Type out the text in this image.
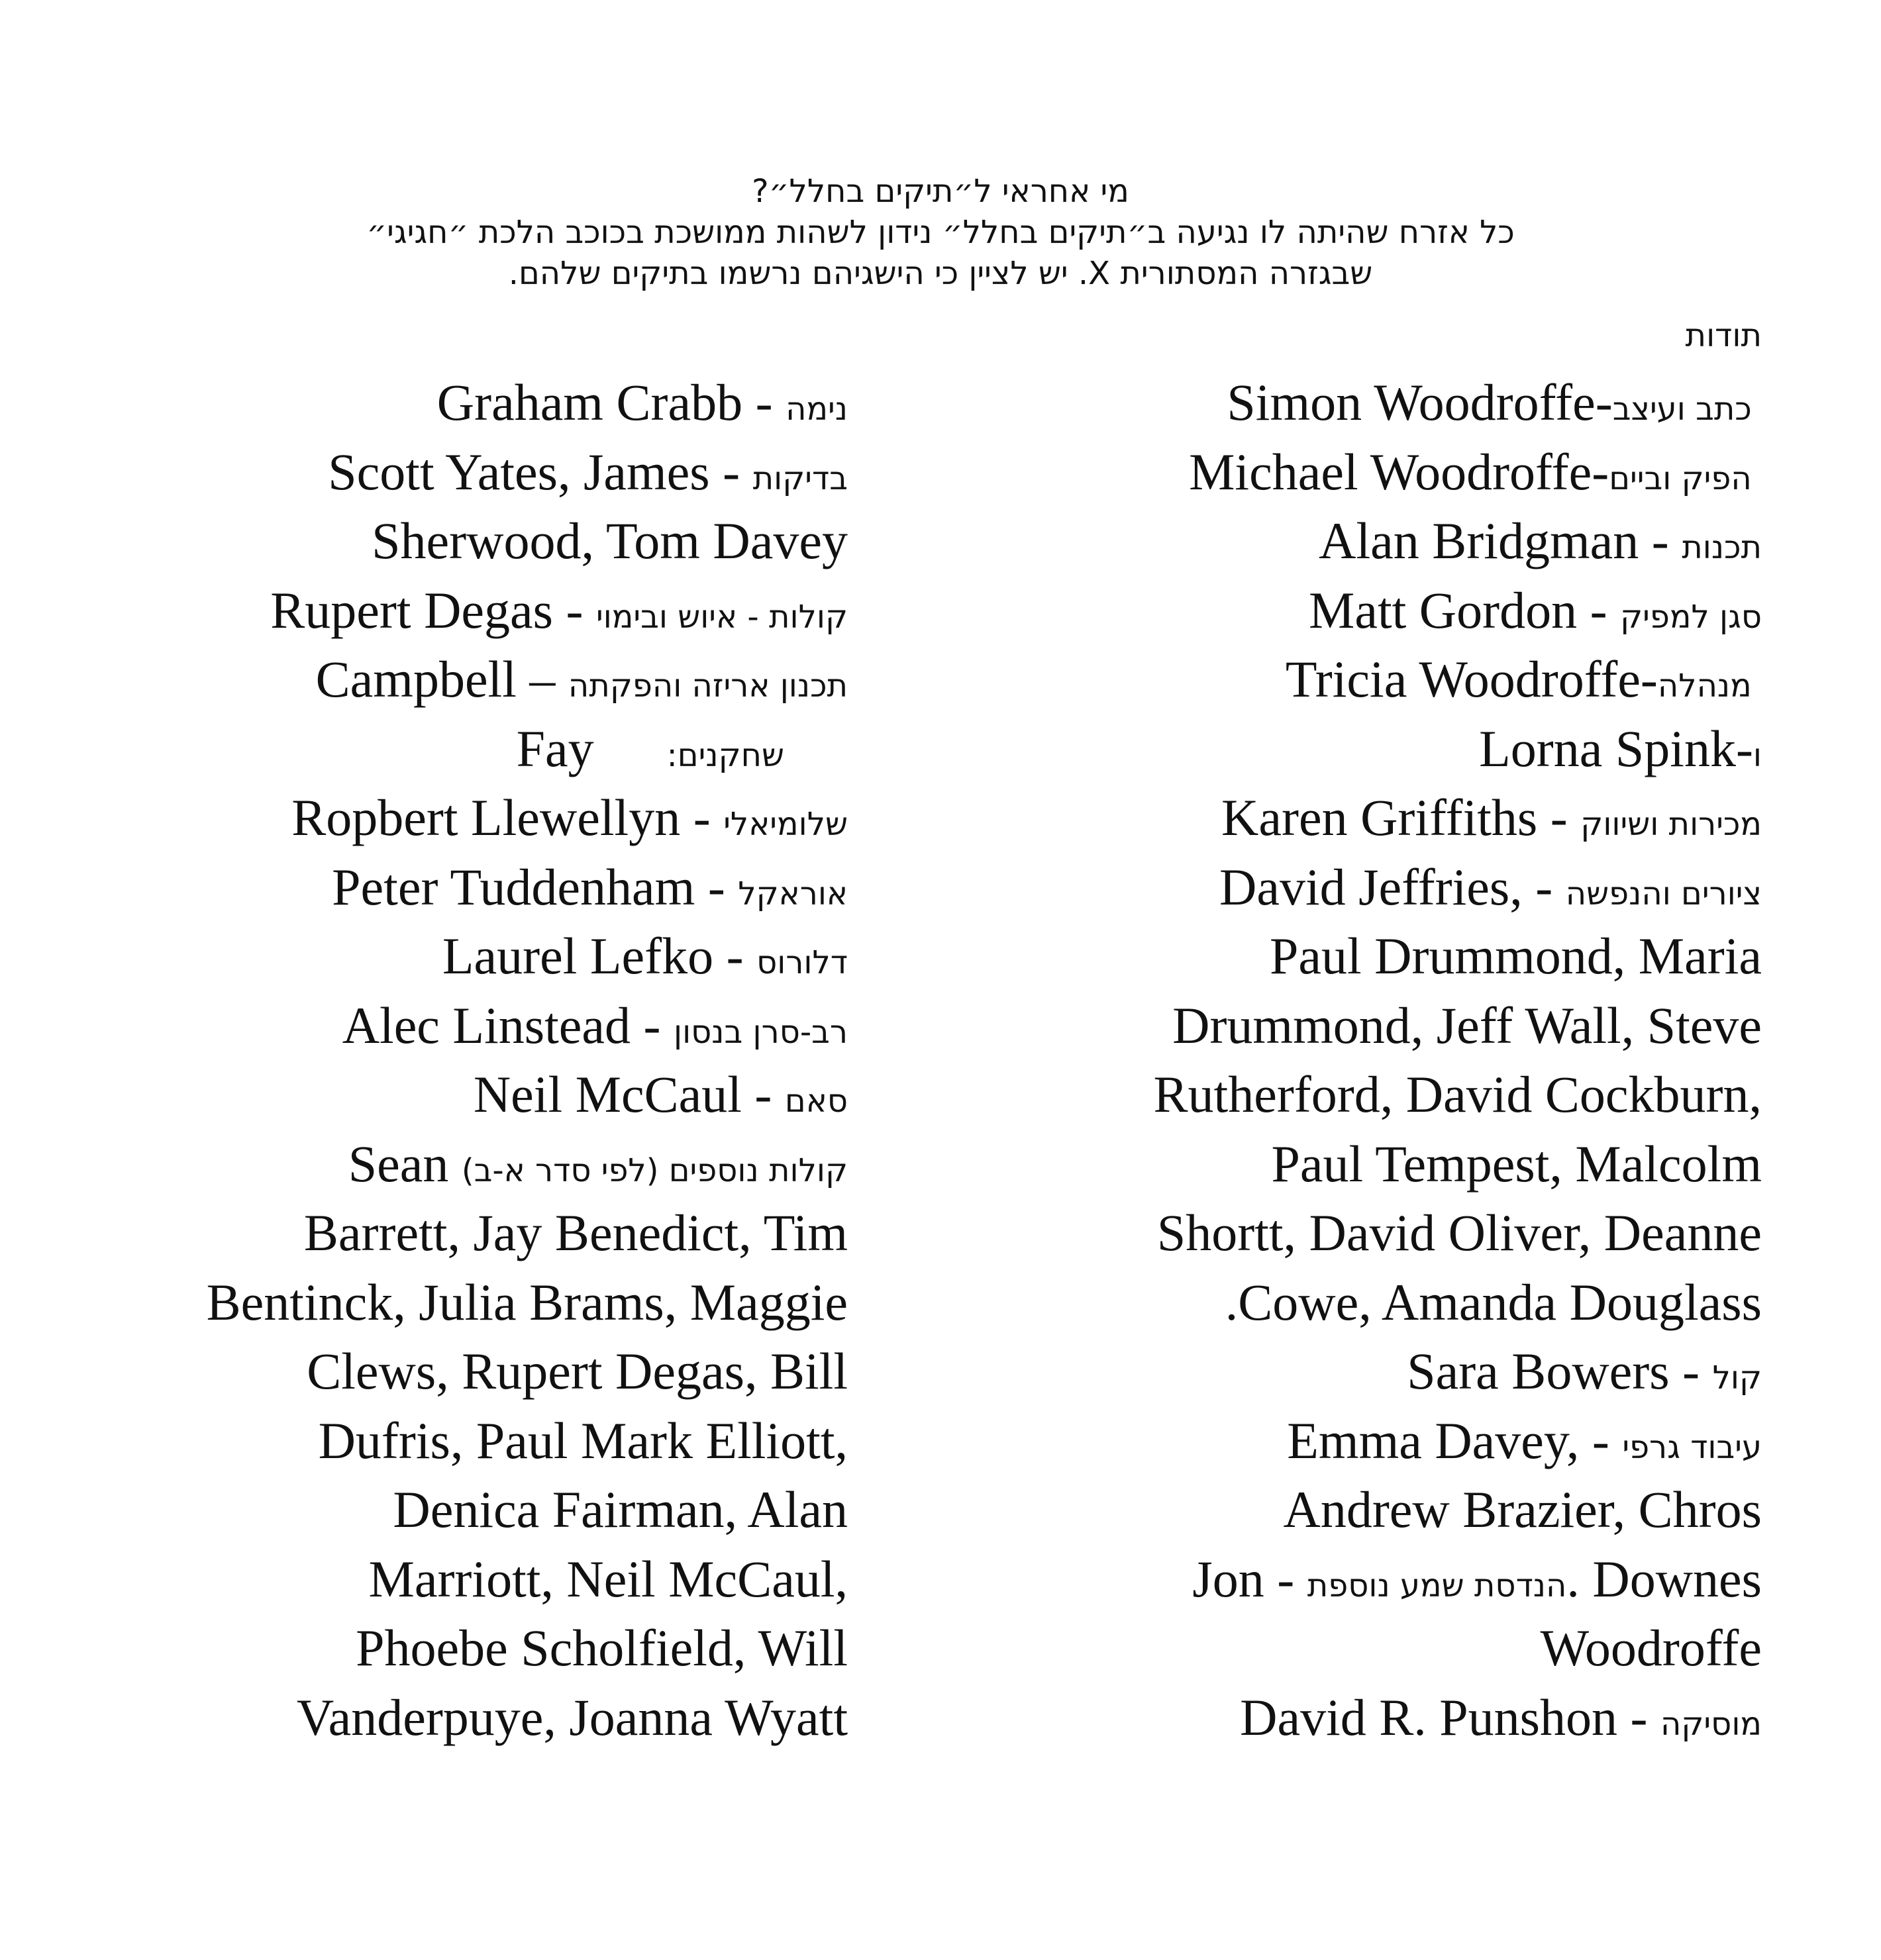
מי אחראי ל״תיקים בחלל״?
כל אזרח שהיתה לו נגיעה ב״תיקים בחלל״ נידון לשהות ממושכת בכוכב הלכת ״חגיגי״
שבגזרה המסתורית X. יש לציין כי הישגיהם נרשמו בתיקים שלהם.
תודות
Simon Woodroffe- כתב ועיצב
Michael Woodroffe- הפיק וביים
Alan Bridgman - תכנות
Matt Gordon - סגן למפיק
Tricia Woodroffe- מנהלה
Lorna Spink-ו
Karen Griffiths - מכירות ושיווק
David Jeffries, - ציורים והנפשה
Paul Drummond, Maria
Drummond, Jeff Wall, Steve
Rutherford, David Cockburn,
Paul Tempest, Malcolm
Shortt, David Oliver, Deanne
.Cowe, Amanda Douglass
Sara Bowers - קול
Emma Davey, - עיבוד גרפי
Andrew Brazier, Chros
Jon - הנדסת שמע נוספת. Downes
Woodroffe
David R. Punshon - מוסיקה
Graham Crabb - נימה
Scott Yates, James - בדיקות
Sherwood, Tom Davey
Rupert Degas - קולות - איוש ובימוי
Campbell – תכנון אריזה והפקתה
Fay שחקנים:
Ropbert Llewellyn - שלומיאלי
Peter Tuddenham - אוראקל
Laurel Lefko - דלורוס
Alec Linstead - רב-סרן בנסון
Neil McCaul - סאם
Sean קולות נוספים (לפי סדר א-ב)
Barrett, Jay Benedict, Tim
Bentinck, Julia Brams, Maggie
Clews, Rupert Degas, Bill
Dufris, Paul Mark Elliott,
Denica Fairman, Alan
Marriott, Neil McCaul,
Phoebe Scholfield, Will
Vanderpuye, Joanna Wyatt
